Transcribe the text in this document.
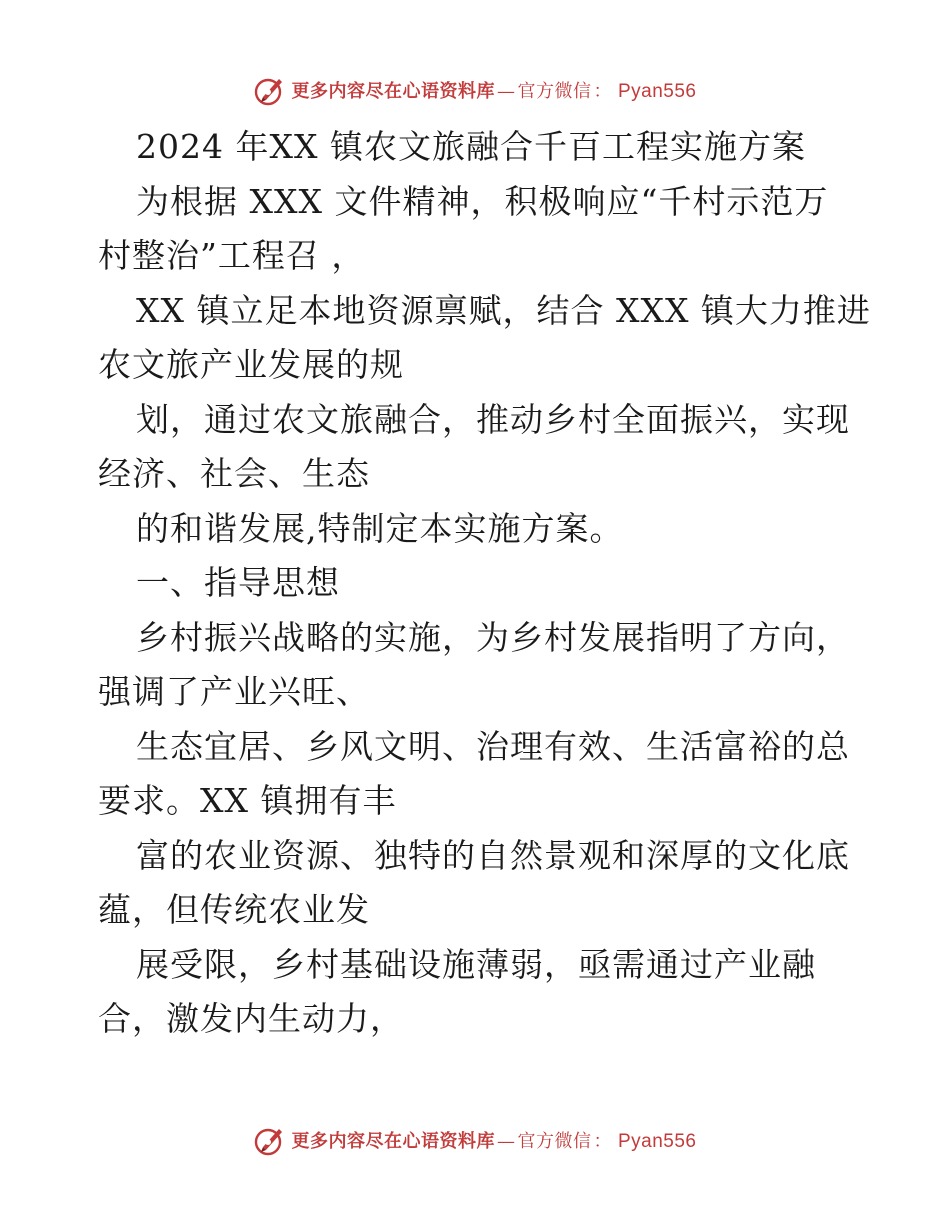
更多内容尽在心语资料库 — 官方微信 ： Pyan556
2024 年XX 镇农文旅融合千百工程实施方案
为根据 XXX 文件精神，积极响应“千村示范万
村整治”工程召 ，
XX 镇立足本地资源禀赋，结合 XXX 镇大力推进
农文旅产业发展的规
划，通过农文旅融合，推动乡村全面振兴，实现
经济、社会、生态
的和谐发展,特制定本实施方案。
一、指导思想
乡村振兴战略的实施，为乡村发展指明了方向，
强调了产业兴旺、
生态宜居、乡风文明、治理有效、生活富裕的总
要求。XX 镇拥有丰
富的农业资源、独特的自然景观和深厚的文化底
蕴，但传统农业发
展受限，乡村基础设施薄弱，亟需通过产业融
合，激发内生动力，
更多内容尽在心语资料库 — 官方微信 ： Pyan556
